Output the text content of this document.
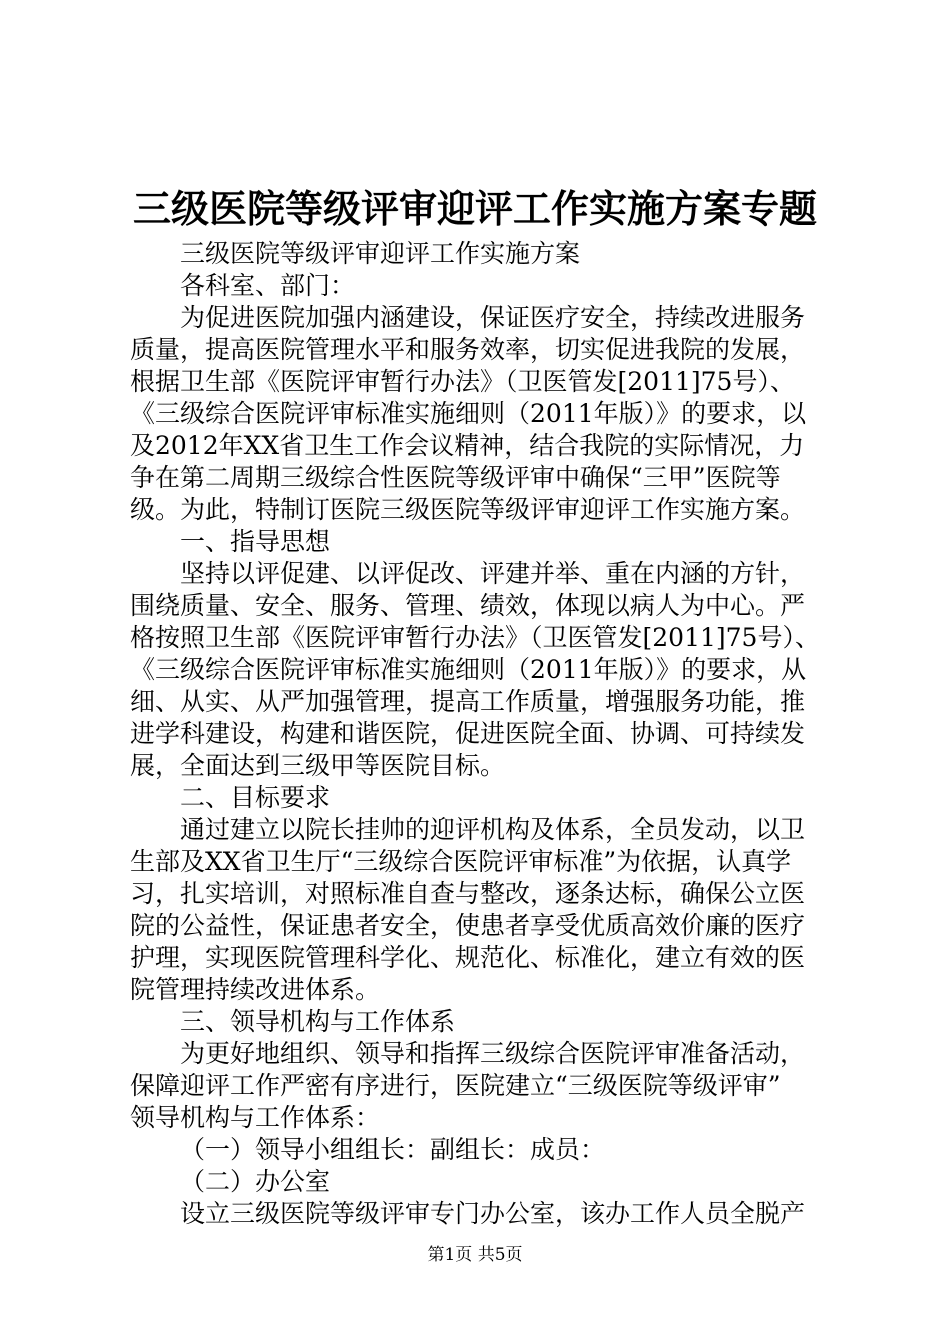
三级医院等级评审迎评工作实施方案专题
三级医院等级评审迎评工作实施方案
各科室、部门：
为促进医院加强内涵建设，保证医疗安全，持续改进服务
质量，提高医院管理水平和服务效率，切实促进我院的发展，
根据卫生部《医院评审暂行办法》（卫医管发[2011]75号）、
《三级综合医院评审标准实施细则（2011年版）》的要求，以
及2012年XX省卫生工作会议精神，结合我院的实际情况，力
争在第二周期三级综合性医院等级评审中确保“三甲”医院等
级。为此，特制订医院三级医院等级评审迎评工作实施方案。
一、指导思想
坚持以评促建、以评促改、评建并举、重在内涵的方针，
围绕质量、安全、服务、管理、绩效，体现以病人为中心。严
格按照卫生部《医院评审暂行办法》（卫医管发[2011]75号）、
《三级综合医院评审标准实施细则（2011年版）》的要求，从
细、从实、从严加强管理，提高工作质量，增强服务功能，推
进学科建设，构建和谐医院，促进医院全面、协调、可持续发
展，全面达到三级甲等医院目标。
二、目标要求
通过建立以院长挂帅的迎评机构及体系，全员发动，以卫
生部及XX省卫生厅“三级综合医院评审标准”为依据，认真学
习，扎实培训，对照标准自查与整改，逐条达标，确保公立医
院的公益性，保证患者安全，使患者享受优质高效价廉的医疗
护理，实现医院管理科学化、规范化、标准化，建立有效的医
院管理持续改进体系。
三、领导机构与工作体系
为更好地组织、领导和指挥三级综合医院评审准备活动，
保障迎评工作严密有序进行，医院建立“三级医院等级评审”
领导机构与工作体系：
（一）领导小组组长：副组长：成员：
（二）办公室
设立三级医院等级评审专门办公室，该办工作人员全脱产
第1页 共5页
